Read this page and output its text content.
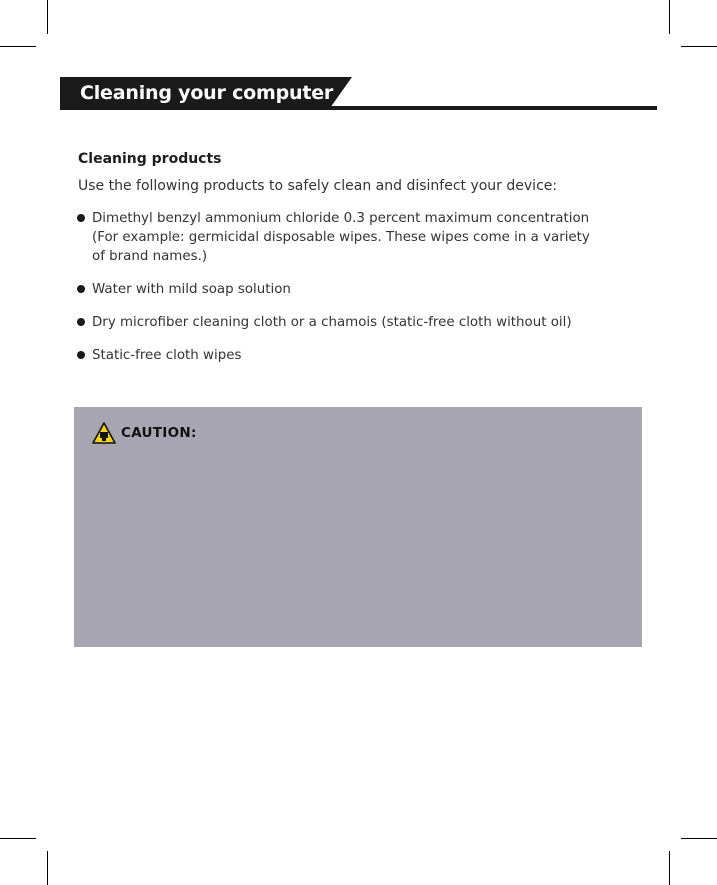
Cleaning your computer
Cleaning products
Use the following products to safely clean and disinfect your device:
Dimethyl benzyl ammonium chloride 0.3 percent maximum concentration (For example: germicidal disposable wipes. These wipes come in a variety of brand names.)
Water with mild soap solution
Dry microfiber cleaning cloth or a chamois (static-free cloth without oil)
Static-free cloth wipes
CAUTION:
